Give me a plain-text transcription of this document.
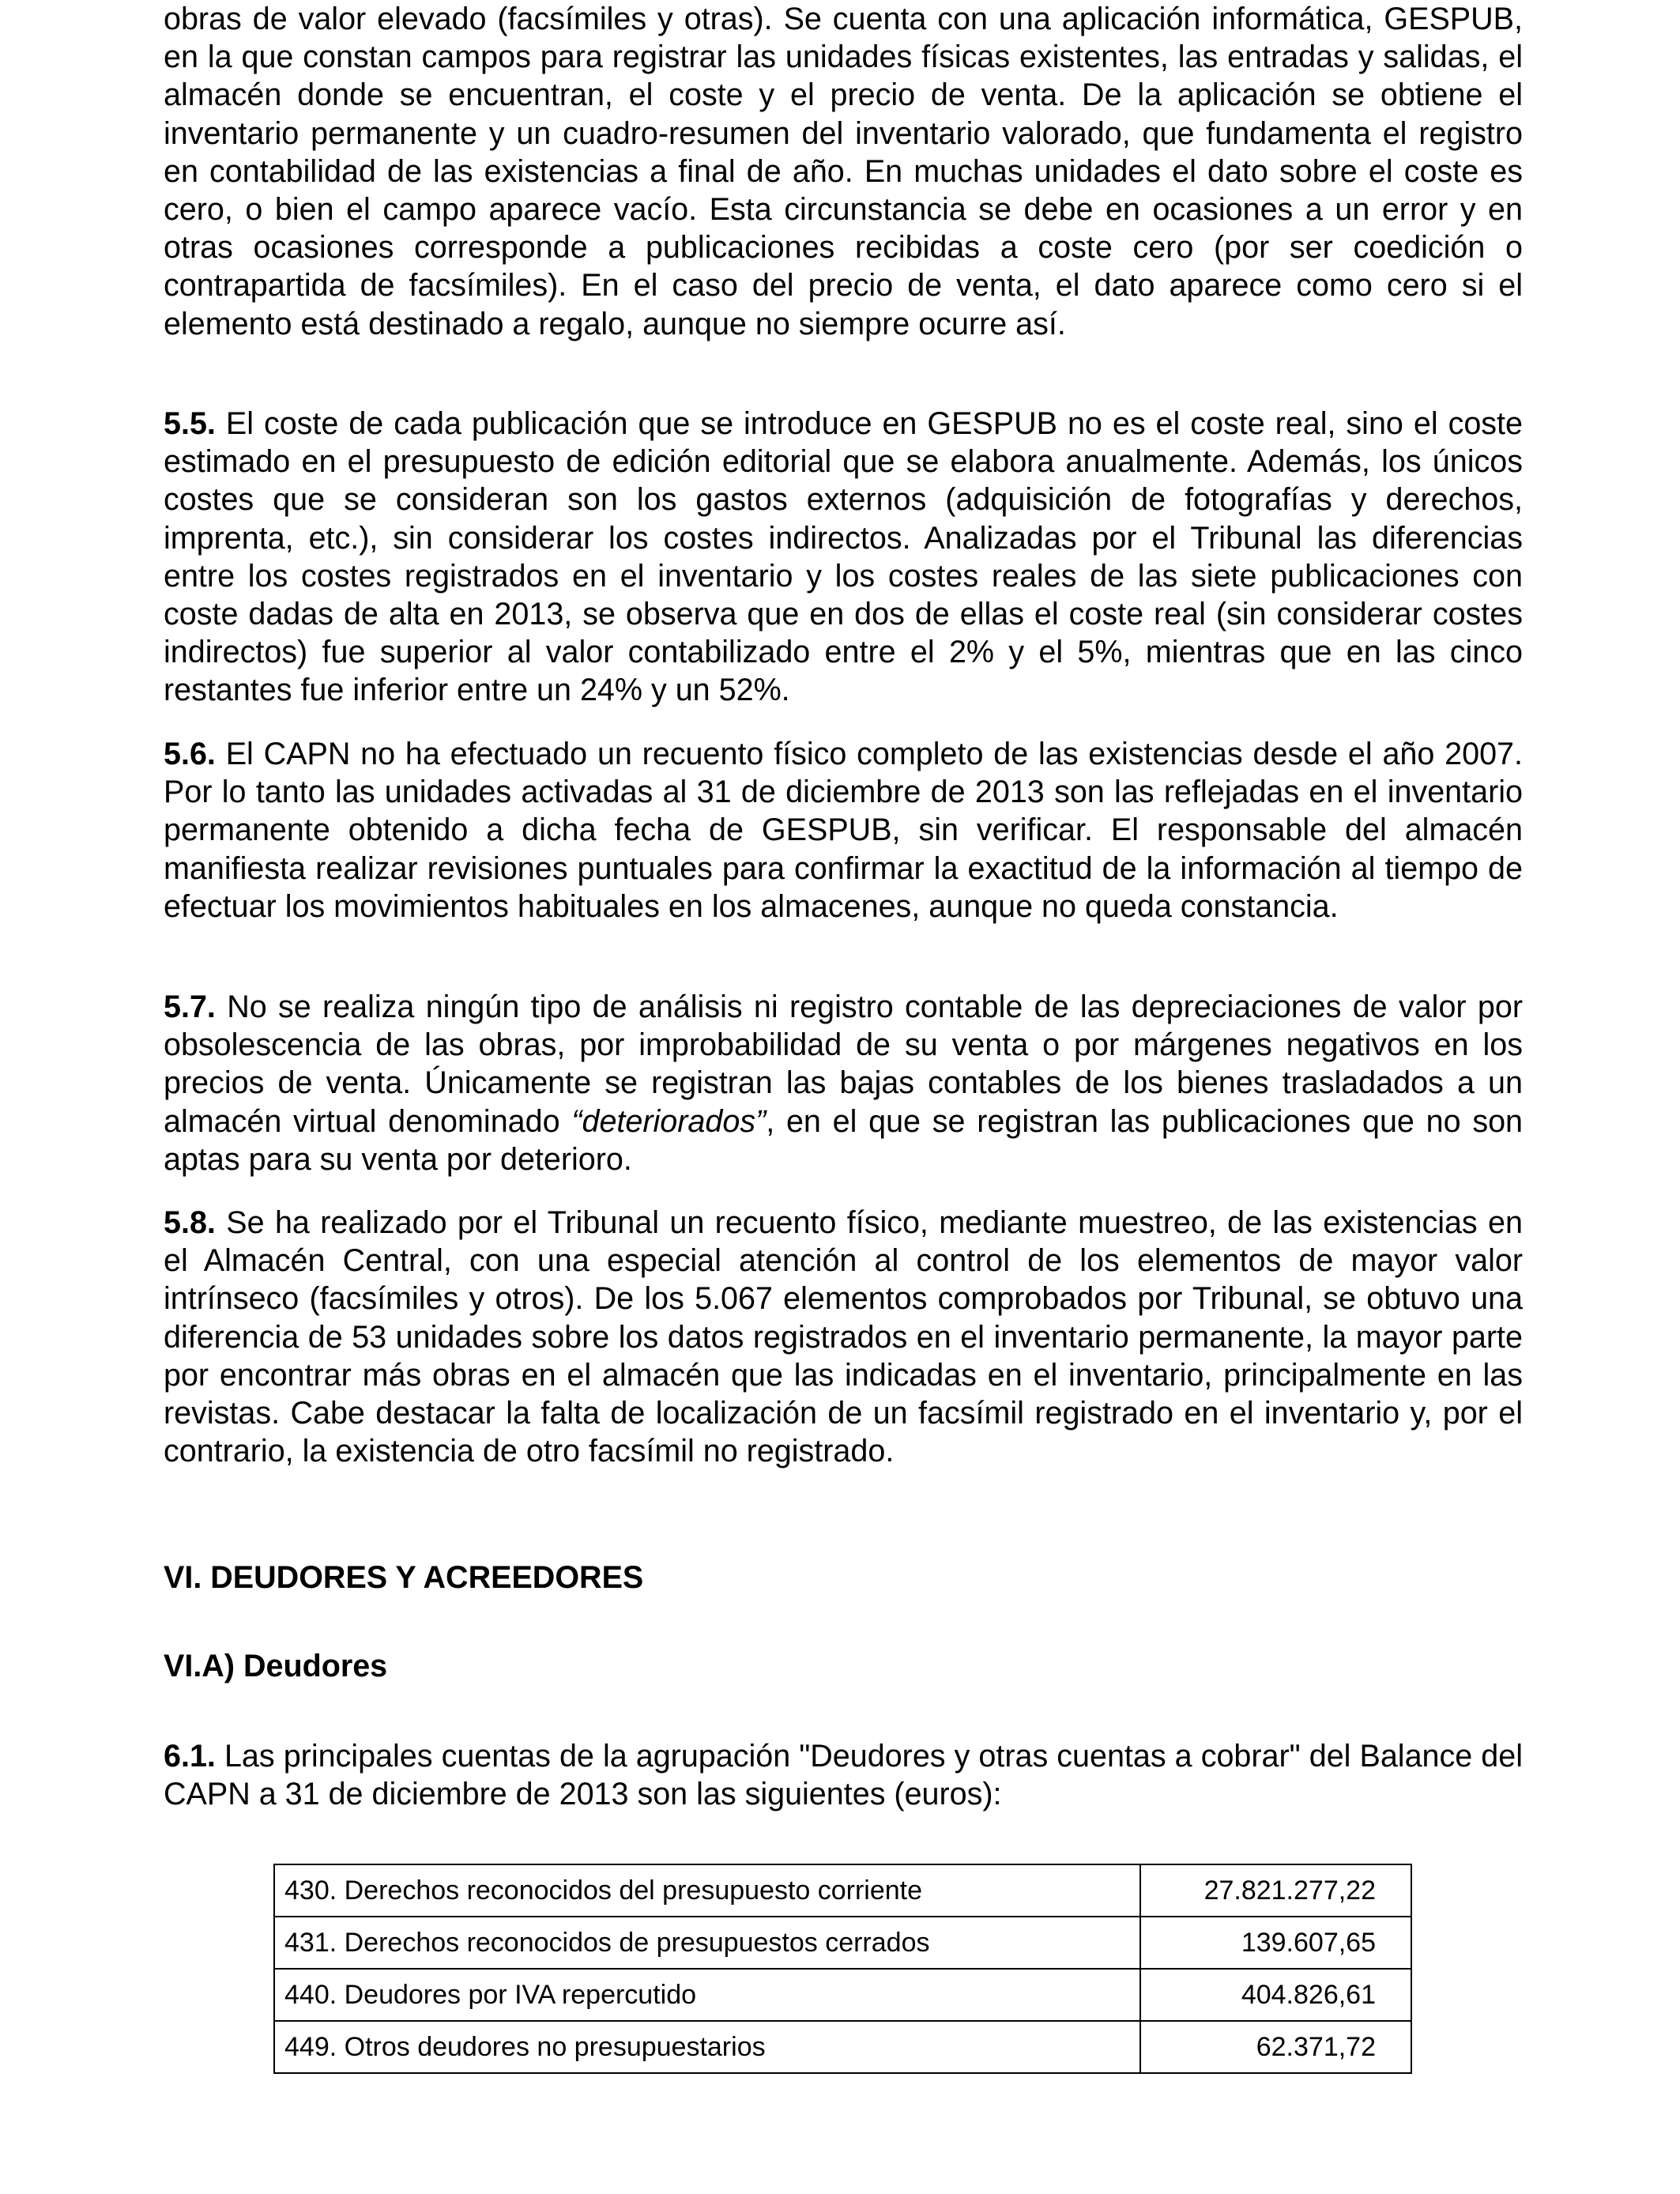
obras de valor elevado (facsímiles y otras). Se cuenta con una aplicación informática, GESPUB, en la que constan campos para registrar las unidades físicas existentes, las entradas y salidas, el almacén donde se encuentran, el coste y el precio de venta. De la aplicación se obtiene el inventario permanente y un cuadro-resumen del inventario valorado, que fundamenta el registro en contabilidad de las existencias a final de año. En muchas unidades el dato sobre el coste es cero, o bien el campo aparece vacío. Esta circunstancia se debe en ocasiones a un error y en otras ocasiones corresponde a publicaciones recibidas a coste cero (por ser coedición o contrapartida de facsímiles). En el caso del precio de venta, el dato aparece como cero si el elemento está destinado a regalo, aunque no siempre ocurre así.

5.5. El coste de cada publicación que se introduce en GESPUB no es el coste real, sino el coste estimado en el presupuesto de edición editorial que se elabora anualmente. Además, los únicos costes que se consideran son los gastos externos (adquisición de fotografías y derechos, imprenta, etc.), sin considerar los costes indirectos. Analizadas por el Tribunal las diferencias entre los costes registrados en el inventario y los costes reales de las siete publicaciones con coste dadas de alta en 2013, se observa que en dos de ellas el coste real (sin considerar costes indirectos) fue superior al valor contabilizado entre el 2% y el 5%, mientras que en las cinco restantes fue inferior entre un 24% y un 52%.

5.6. El CAPN no ha efectuado un recuento físico completo de las existencias desde el año 2007. Por lo tanto las unidades activadas al 31 de diciembre de 2013 son las reflejadas en el inventario permanente obtenido a dicha fecha de GESPUB, sin verificar. El responsable del almacén manifiesta realizar revisiones puntuales para confirmar la exactitud de la información al tiempo de efectuar los movimientos habituales en los almacenes, aunque no queda constancia.

5.7. No se realiza ningún tipo de análisis ni registro contable de las depreciaciones de valor por obsolescencia de las obras, por improbabilidad de su venta o por márgenes negativos en los precios de venta. Únicamente se registran las bajas contables de los bienes trasladados a un almacén virtual denominado “deteriorados”, en el que se registran las publicaciones que no son aptas para su venta por deterioro.

5.8. Se ha realizado por el Tribunal un recuento físico, mediante muestreo, de las existencias en el Almacén Central, con una especial atención al control de los elementos de mayor valor intrínseco (facsímiles y otros). De los 5.067 elementos comprobados por Tribunal, se obtuvo una diferencia de 53 unidades sobre los datos registrados en el inventario permanente, la mayor parte por encontrar más obras en el almacén que las indicadas en el inventario, principalmente en las revistas. Cabe destacar la falta de localización de un facsímil registrado en el inventario y, por el contrario, la existencia de otro facsímil no registrado.

VI. DEUDORES Y ACREEDORES
VI.A) Deudores

6.1. Las principales cuentas de la agrupación "Deudores y otras cuentas a cobrar" del Balance del CAPN a 31 de diciembre de 2013 son las siguientes (euros):

430. Derechos reconocidos del presupuesto corriente	27.821.277,22
431. Derechos reconocidos de presupuestos cerrados	139.607,65
440. Deudores por IVA repercutido	404.826,61
449. Otros deudores no presupuestarios	62.371,72
